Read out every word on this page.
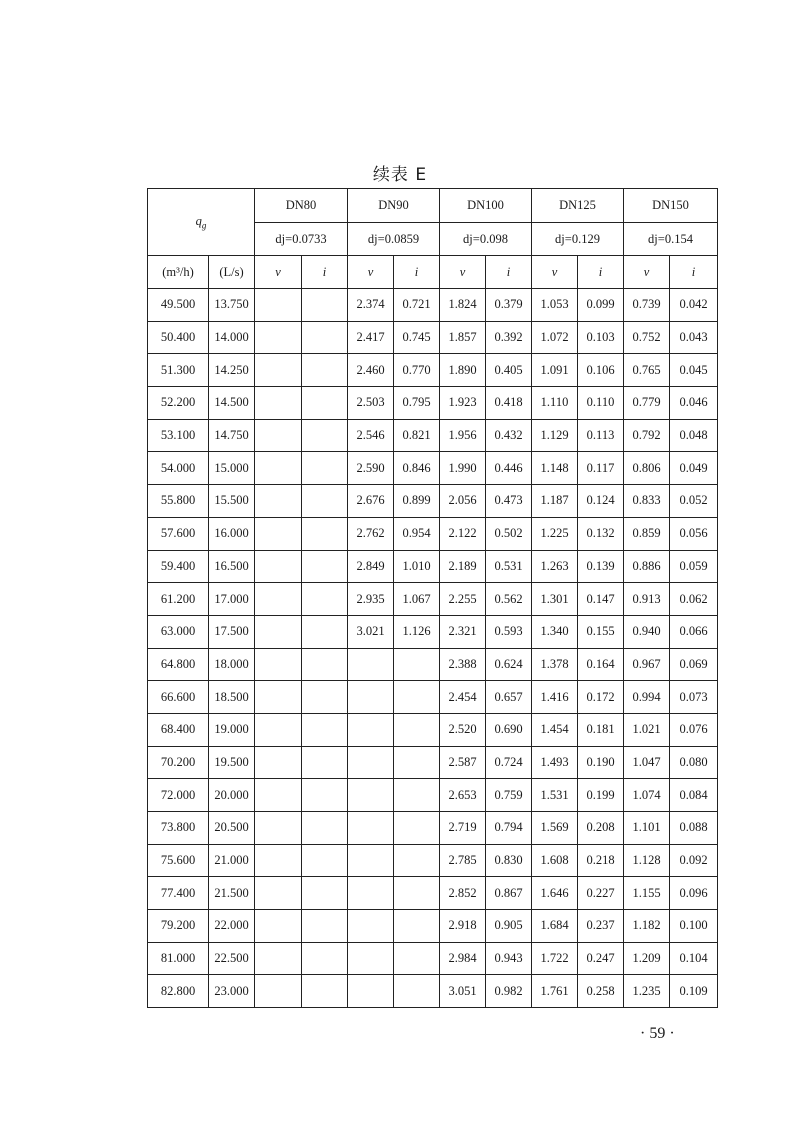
续表 E
$q_g$		DN80		DN90		DN100		DN125		DN150	
		dj=0.0733		dj=0.0859		dj=0.098		dj=0.129		dj=0.154	
(m³/h)	(L/s)	v	i	v	i	v	i	v	i	v	i
49.500	13.750			2.374	0.721	1.824	0.379	1.053	0.099	0.739	0.042
50.400	14.000			2.417	0.745	1.857	0.392	1.072	0.103	0.752	0.043
51.300	14.250			2.460	0.770	1.890	0.405	1.091	0.106	0.765	0.045
52.200	14.500			2.503	0.795	1.923	0.418	1.110	0.110	0.779	0.046
53.100	14.750			2.546	0.821	1.956	0.432	1.129	0.113	0.792	0.048
54.000	15.000			2.590	0.846	1.990	0.446	1.148	0.117	0.806	0.049
55.800	15.500			2.676	0.899	2.056	0.473	1.187	0.124	0.833	0.052
57.600	16.000			2.762	0.954	2.122	0.502	1.225	0.132	0.859	0.056
59.400	16.500			2.849	1.010	2.189	0.531	1.263	0.139	0.886	0.059
61.200	17.000			2.935	1.067	2.255	0.562	1.301	0.147	0.913	0.062
63.000	17.500			3.021	1.126	2.321	0.593	1.340	0.155	0.940	0.066
64.800	18.000					2.388	0.624	1.378	0.164	0.967	0.069
66.600	18.500					2.454	0.657	1.416	0.172	0.994	0.073
68.400	19.000					2.520	0.690	1.454	0.181	1.021	0.076
70.200	19.500					2.587	0.724	1.493	0.190	1.047	0.080
72.000	20.000					2.653	0.759	1.531	0.199	1.074	0.084
73.800	20.500					2.719	0.794	1.569	0.208	1.101	0.088
75.600	21.000					2.785	0.830	1.608	0.218	1.128	0.092
77.400	21.500					2.852	0.867	1.646	0.227	1.155	0.096
79.200	22.000					2.918	0.905	1.684	0.237	1.182	0.100
81.000	22.500					2.984	0.943	1.722	0.247	1.209	0.104
82.800	23.000					3.051	0.982	1.761	0.258	1.235	0.109
· 59 ·
